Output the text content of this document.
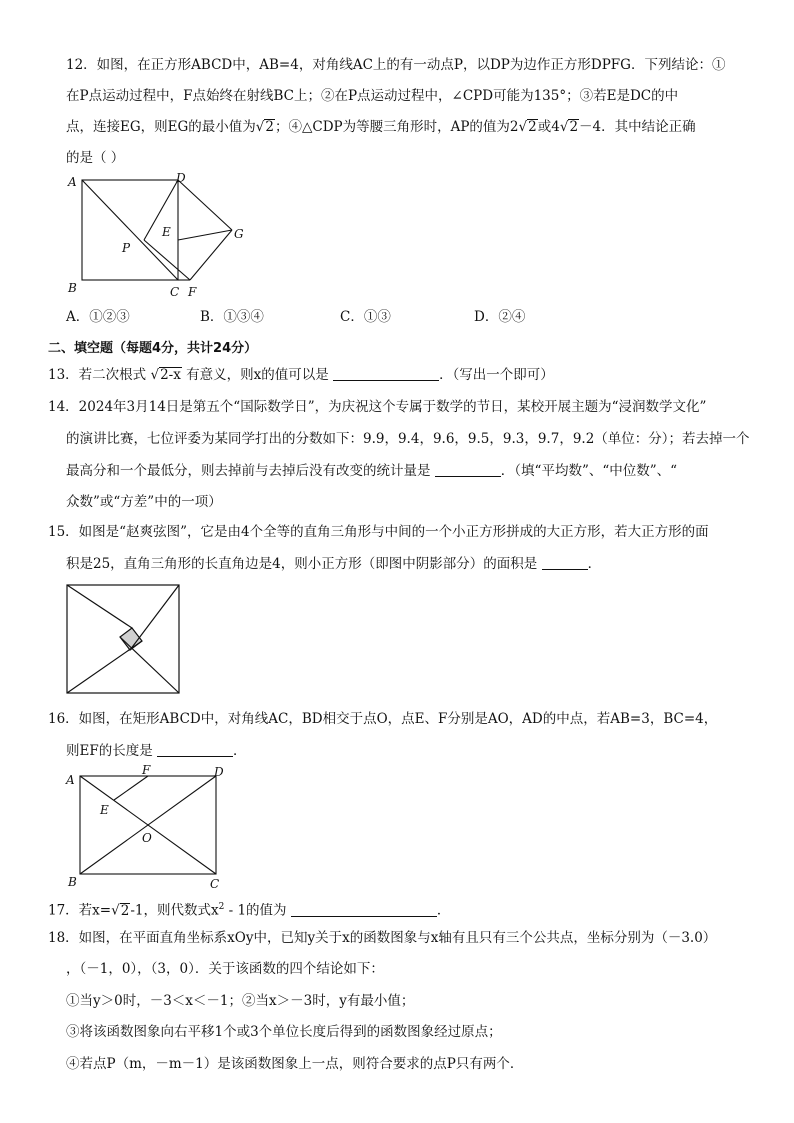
12．如图，在正方形ABCD中，AB=4，对角线AC上的有一动点P，以DP为边作正方形DPFG．下列结论：①
在P点运动过程中，F点始终在射线BC上；②在P点运动过程中，∠CPD可能为135°；③若E是DC的中
点，连接EG，则EG的最小值为√2；④△CDP为等腰三角形时，AP的值为2√2或4√2－4．其中结论正确
的是（ ）
A	D
B	C
P
E	G
F
A．①②③	B．①③④	C．①③	D．②④
二、填空题（每题4分，共计24分）
13．若二次根式 √2-x 有意义，则x的值可以是	．（写出一个即可）
14．2024年3月14日是第五个“国际数学日”，为庆祝这个专属于数学的节日，某校开展主题为“浸润数学文化”
的演讲比赛，七位评委为某同学打出的分数如下：9.9，9.4，9.6，9.5，9.3，9.7，9.2（单位：分）；若去掉一个
最高分和一个最低分，则去掉前与去掉后没有改变的统计量是	．（填“平均数”、“中位数”、“
众数”或“方差”中的一项）
15．如图是“赵爽弦图”，它是由4个全等的直角三角形与中间的一个小正方形拼成的大正方形，若大正方形的面
积是25，直角三角形的长直角边是4，则小正方形（即图中阴影部分）的面积是	．
16．如图，在矩形ABCD中，对角线AC，BD相交于点O，点E、F分别是AO，AD的中点，若AB=3，BC=4，
则EF的长度是	．
A
F	D
E
O
B	C
17．若x=√2-1，则代数式$x^2 - 1$的值为	．
18．如图，在平面直角坐标系xOy中，已知y关于x的函数图象与x轴有且只有三个公共点，坐标分别为（－3.0）
，（－1，0），（3，0）．关于该函数的四个结论如下：
①当y＞0时，－3＜x＜－1；②当x＞－3时，y有最小值；
③将该函数图象向右平移1个或3个单位长度后得到的函数图象经过原点；
④若点P（m，－m－1）是该函数图象上一点，则符合要求的点P只有两个．
